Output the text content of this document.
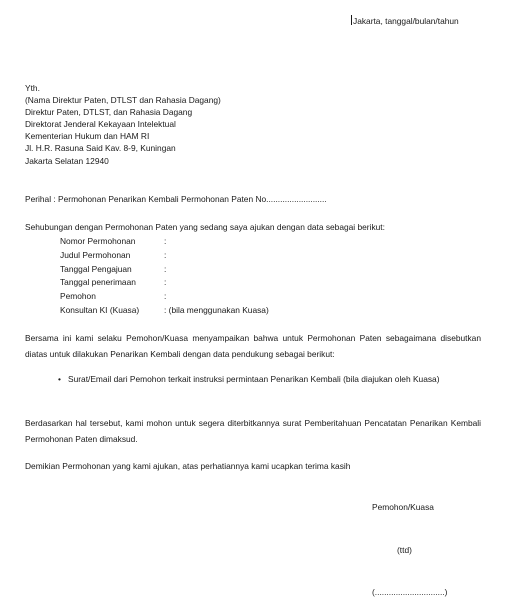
Jakarta, tanggal/bulan/tahun
Yth.
(Nama Direktur Paten, DTLST dan Rahasia Dagang)
Direktur Paten, DTLST, dan Rahasia Dagang
Direktorat Jenderal Kekayaan Intelektual
Kementerian Hukum dan HAM RI
Jl. H.R. Rasuna Said Kav. 8-9, Kuningan
Jakarta Selatan 12940
Perihal : Permohonan Penarikan Kembali Permohonan Paten No..........................
Sehubungan dengan Permohonan Paten yang sedang saya ajukan dengan data sebagai berikut:
Nomor Permohonan	:
Judul Permohonan	:
Tanggal Pengajuan	:
Tanggal penerimaan	:
Pemohon	:
Konsultan KI (Kuasa)	: (bila menggunakan Kuasa)
Bersama ini kami selaku Pemohon/Kuasa menyampaikan bahwa untuk Permohonan Paten sebagaimana disebutkan diatas untuk dilakukan Penarikan Kembali dengan data pendukung sebagai berikut:
• Surat/Email dari Pemohon terkait instruksi permintaan Penarikan Kembali (bila diajukan oleh Kuasa)
Berdasarkan hal tersebut, kami mohon untuk segera diterbitkannya surat Pemberitahuan Pencatatan Penarikan Kembali Permohonan Paten dimaksud.
Demikian Permohonan yang kami ajukan, atas perhatiannya kami ucapkan terima kasih
Pemohon/Kuasa
(ttd)
(..............................)
